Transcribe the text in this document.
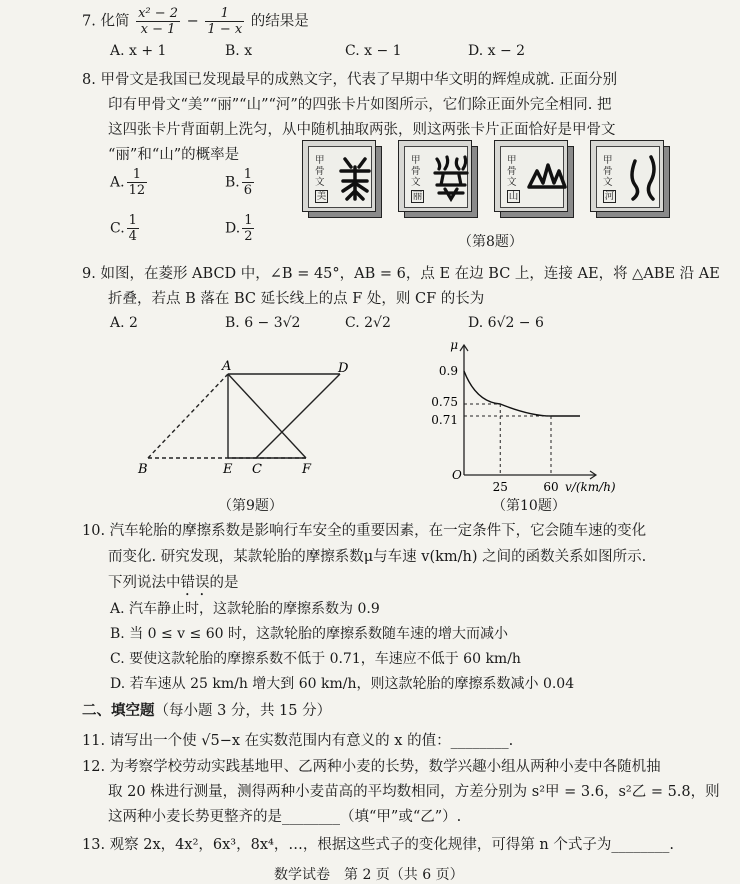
7. 化简 $\frac{\text{x² − 2}}{x - 1} - \frac{1}{1 - x}$ 的结果是
A. x + 1	B. x	C. x − 1	D. x − 2
8. 甲骨文是我国已发现最早的成熟文字，代表了早期中华文明的辉煌成就. 正面分别
印有甲骨文“美”“丽”“山”“河”的四张卡片如图所示，它们除正面外完全相同. 把
这四张卡片背面朝上洗匀，从中随机抽取两张，则这两张卡片正面恰好是甲骨文
“丽”和“山”的概率是
A. $\frac{1}{12}$	B. $\frac{1}{6}$
C. $\frac{1}{4}$	D. $\frac{1}{2}$
甲骨文
美
甲骨文
丽
甲骨文
山
甲骨文
河
（第8题）
9. 如图，在菱形 ABCD 中，∠B = 45°，AB = 6，点 E 在边 BC 上，连接 AE，将 △ABE 沿 AE
折叠，若点 B 落在 BC 延长线上的点 F 处，则 CF 的长为
A. 2	B. 6 − 3√2	C. 2√2	D. 6√2 − 6
A	D
B	E C	F
（第9题）
μ
0.9
0.75
0.71
O
25	60 v/(km/h)
（第10题）
10. 汽车轮胎的摩擦系数是影响行车安全的重要因素，在一定条件下，它会随车速的变化
而变化. 研究发现，某款轮胎的摩擦系数μ与车速 v(km/h) 之间的函数关系如图所示.
下列说法中错误的是
A. 汽车静止时，这款轮胎的摩擦系数为 0.9
B. 当 0 ≤ v ≤ 60 时，这款轮胎的摩擦系数随车速的增大而减小
C. 要使这款轮胎的摩擦系数不低于 0.71，车速应不低于 60 km/h
D. 若车速从 25 km/h 增大到 60 km/h，则这款轮胎的摩擦系数减小 0.04
二、填空题（每小题 3 分，共 15 分）
11. 请写出一个使 √5−x 在实数范围内有意义的 x 的值：________.
12. 为考察学校劳动实践基地甲、乙两种小麦的长势，数学兴趣小组从两种小麦中各随机抽
取 20 株进行测量，测得两种小麦苗高的平均数相同，方差分别为 s²甲 = 3.6，s²乙 = 5.8，则
这两种小麦长势更整齐的是________（填“甲”或“乙”）.
13. 观察 2x，4x²，6x³，8x⁴，…，根据这些式子的变化规律，可得第 n 个式子为________.
数学试卷　第 2 页（共 6 页）
